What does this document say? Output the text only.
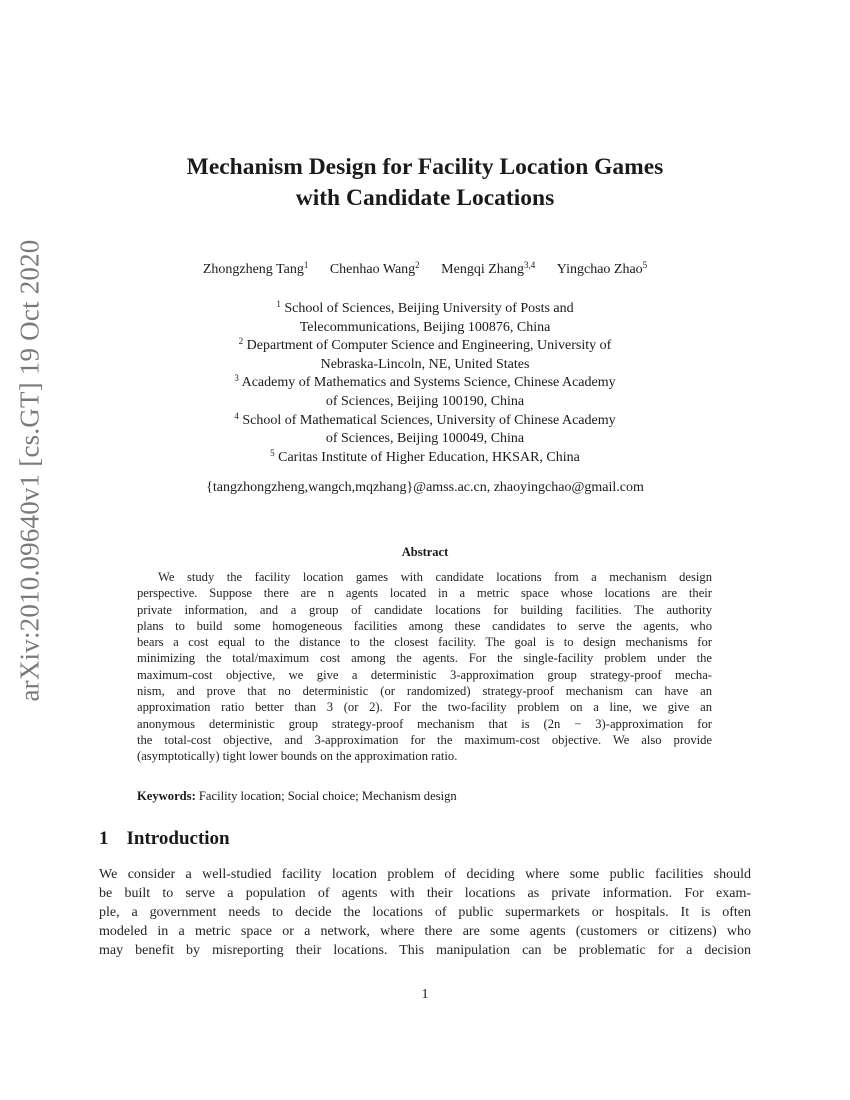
arXiv:2010.09640v1 [cs.GT] 19 Oct 2020
Mechanism Design for Facility Location Games
with Candidate Locations
Zhongzheng Tang$^1$ Chenhao Wang$^2$ Mengqi Zhang$^{3,4}$ Yingchao Zhao$^5$
$^1$ School of Sciences, Beijing University of Posts and
Telecommunications, Beijing 100876, China
$^2$ Department of Computer Science and Engineering, University of
Nebraska-Lincoln, NE, United States
$^3$ Academy of Mathematics and Systems Science, Chinese Academy
of Sciences, Beijing 100190, China
$^4$ School of Mathematical Sciences, University of Chinese Academy
of Sciences, Beijing 100049, China
$^5$ Caritas Institute of Higher Education, HKSAR, China
{tangzhongzheng,wangch,mqzhang}@amss.ac.cn, zhaoyingchao@gmail.com
Abstract
We study the facility location games with candidate locations from a mechanism design
perspective. Suppose there are n agents located in a metric space whose locations are their
private information, and a group of candidate locations for building facilities. The authority
plans to build some homogeneous facilities among these candidates to serve the agents, who
bears a cost equal to the distance to the closest facility. The goal is to design mechanisms for
minimizing the total/maximum cost among the agents. For the single-facility problem under the
maximum-cost objective, we give a deterministic 3-approximation group strategy-proof mecha-
nism, and prove that no deterministic (or randomized) strategy-proof mechanism can have an
approximation ratio better than 3 (or 2). For the two-facility problem on a line, we give an
anonymous deterministic group strategy-proof mechanism that is (2n − 3)-approximation for
the total-cost objective, and 3-approximation for the maximum-cost objective. We also provide
(asymptotically) tight lower bounds on the approximation ratio.
Keywords: Facility location; Social choice; Mechanism design
1 Introduction
We consider a well-studied facility location problem of deciding where some public facilities should
be built to serve a population of agents with their locations as private information. For exam-
ple, a government needs to decide the locations of public supermarkets or hospitals. It is often
modeled in a metric space or a network, where there are some agents (customers or citizens) who
may benefit by misreporting their locations. This manipulation can be problematic for a decision
1
